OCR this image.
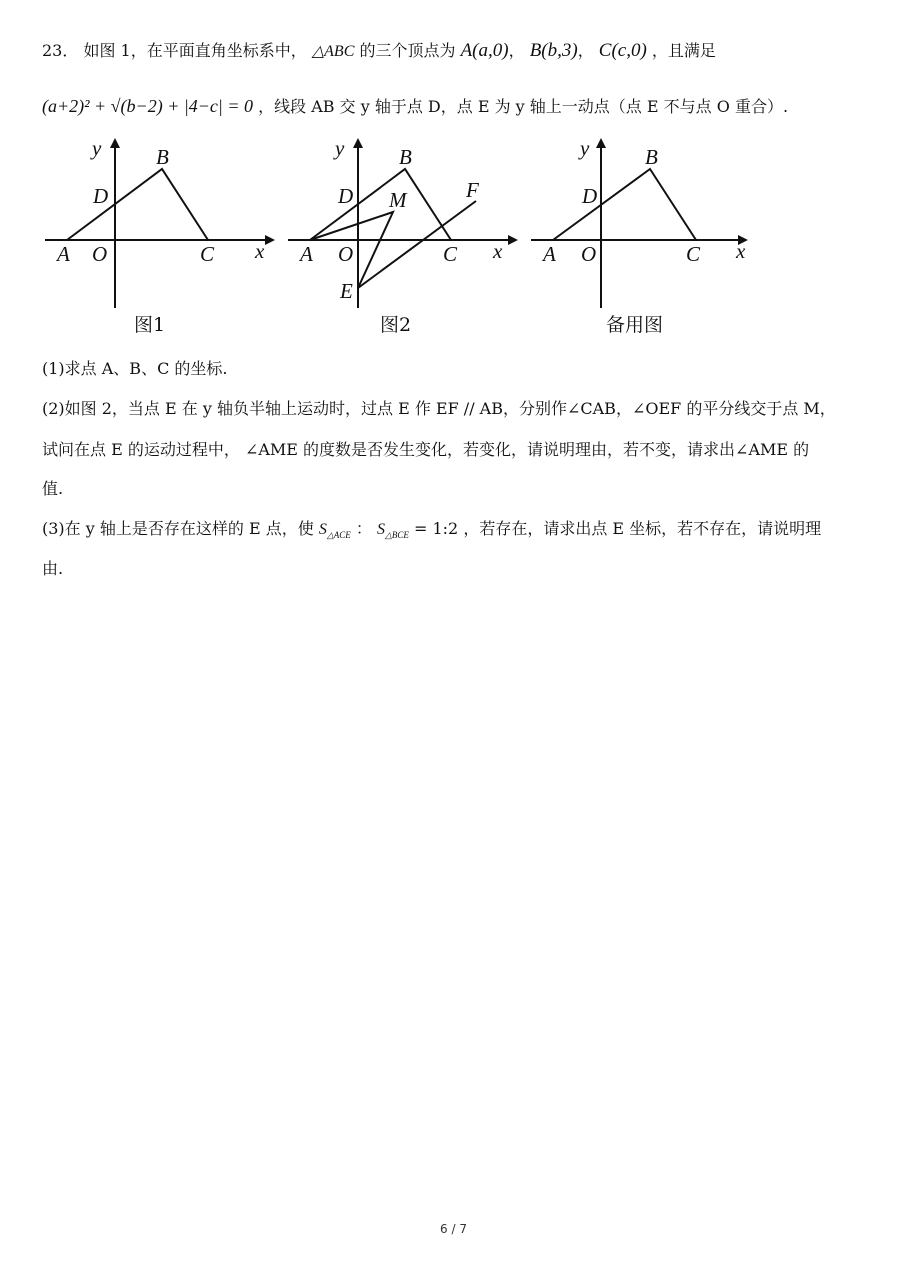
23． 如图 1，在平面直角坐标系中， △ABC 的三个顶点为 A(a,0)， B(b,3)， C(c,0) ，且满足
(a+2)² + √(b−2) + |4−c| = 0 ，线段 AB 交 y 轴于点 D，点 E 为 y 轴上一动点（点 E 不与点 O 重合）.
y
x
A O
B
C
D
图1
y
x
A O
B
C
D M
E
F
图2
y
x
A O
B
C
D
备用图
(1)求点 A、B、C 的坐标.
(2)如图 2，当点 E 在 y 轴负半轴上运动时，过点 E 作 EF // AB，分别作∠CAB，∠OEF 的平分线交于点 M，
试问在点 E 的运动过程中， ∠AME 的度数是否发生变化，若变化，请说明理由，若不变，请求出∠AME 的
值.
(3)在 y 轴上是否存在这样的 E 点，使 $S_{\triangle ACE}$ ： $S_{\triangle BCE}$ = 1:2 ，若存在，请求出点 E 坐标，若不存在，请说明理
由.
6 / 7
